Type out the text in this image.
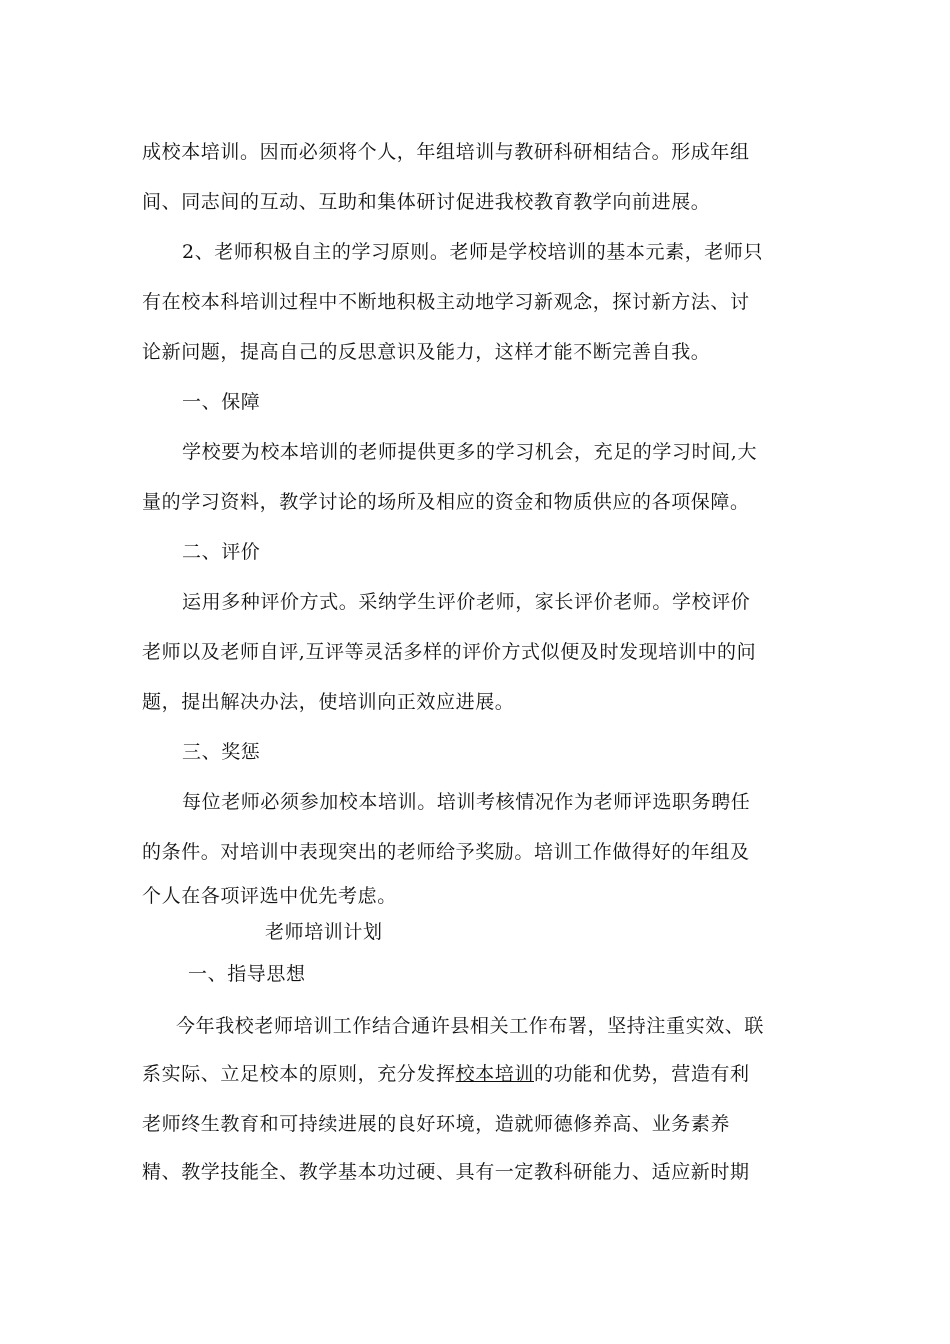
成校本培训。因而必须将个人，年组培训与教研科研相结合。形成年组
间、同志间的互动、互助和集体研讨促进我校教育教学向前进展。
2、老师积极自主的学习原则。老师是学校培训的基本元素，老师只
有在校本科培训过程中不断地积极主动地学习新观念，探讨新方法、讨
论新问题，提高自己的反思意识及能力，这样才能不断完善自我。
一、保障
学校要为校本培训的老师提供更多的学习机会，充足的学习时间,大
量的学习资料，教学讨论的场所及相应的资金和物质供应的各项保障。
二、评价
运用多种评价方式。采纳学生评价老师，家长评价老师。学校评价
老师以及老师自评,互评等灵活多样的评价方式似便及时发现培训中的问
题，提出解决办法，使培训向正效应进展。
三、奖惩
每位老师必须参加校本培训。培训考核情况作为老师评选职务聘任
的条件。对培训中表现突出的老师给予奖励。培训工作做得好的年组及
个人在各项评选中优先考虑。
老师培训计划
一、指导思想
今年我校老师培训工作结合通许县相关工作布署，坚持注重实效、联
系实际、立足校本的原则，充分发挥校本培训的功能和优势，营造有利
老师终生教育和可持续进展的良好环境，造就师德修养高、业务素养
精、教学技能全、教学基本功过硬、具有一定教科研能力、适应新时期
